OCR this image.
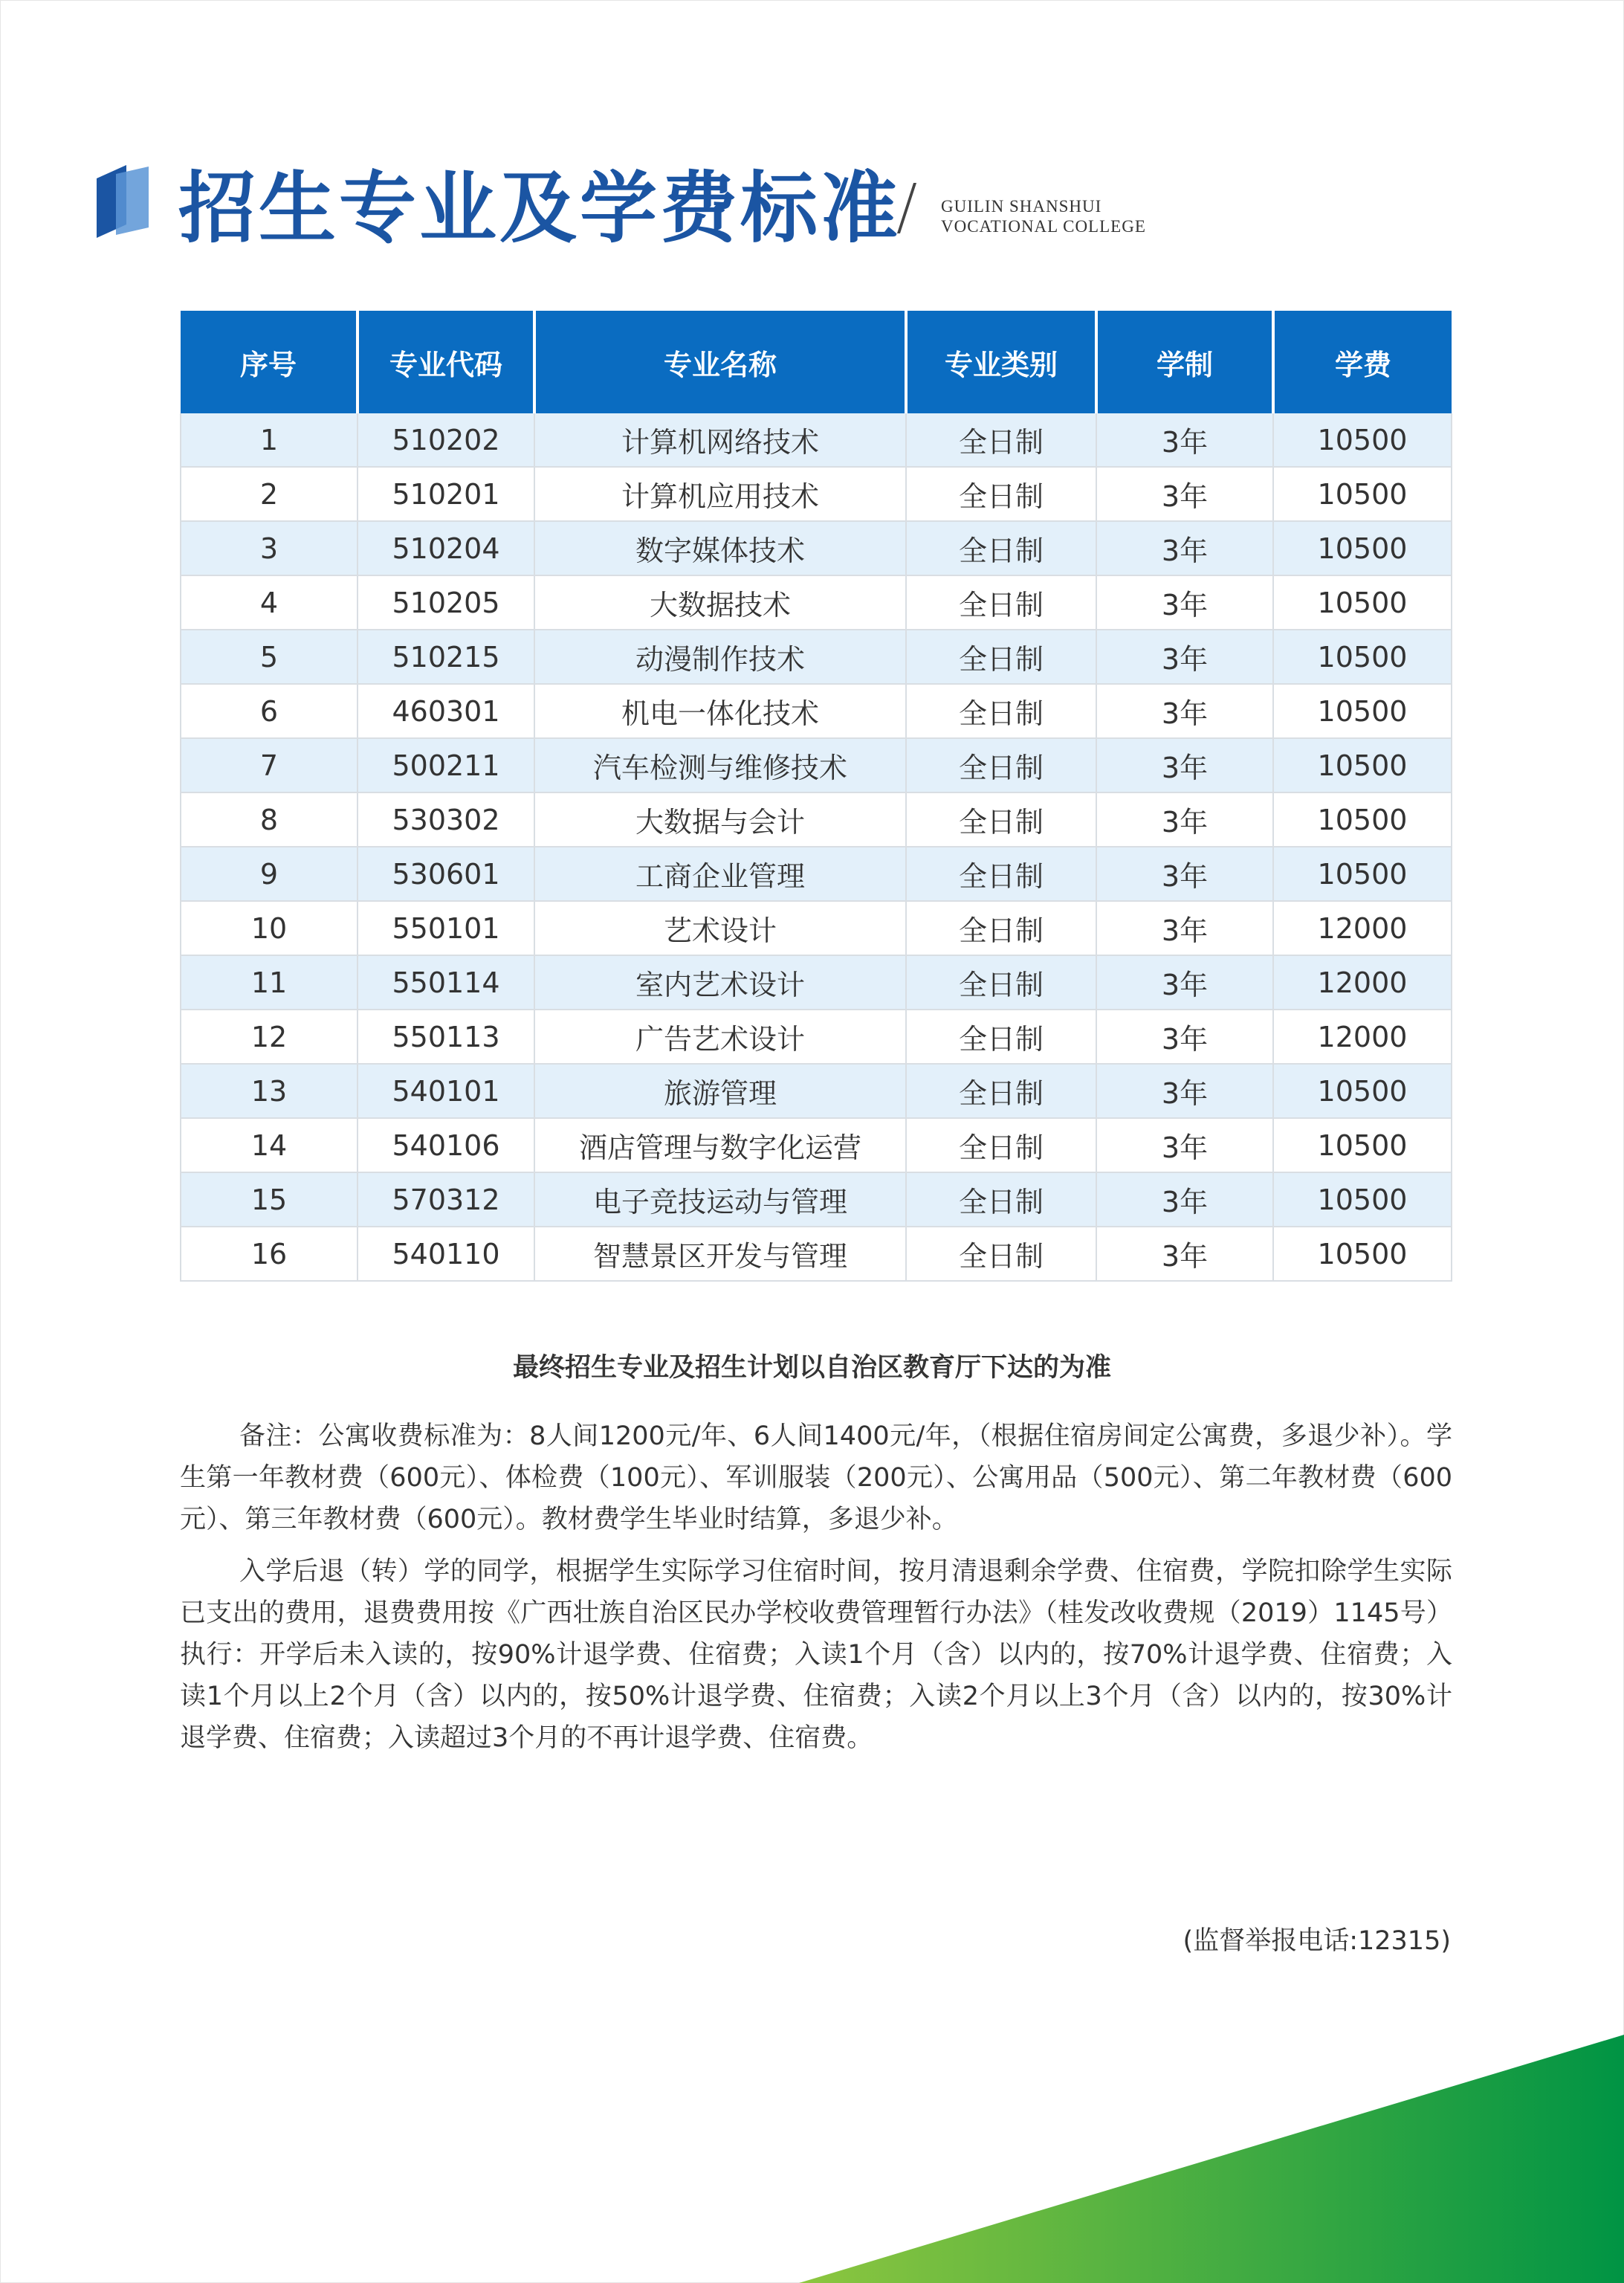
招生专业及学费标准 GUILIN SHANSHUI
VOCATIONAL COLLEGE
序号	专业代码	专业名称	专业类别	学制	学费
1	510202	计算机网络技术	全日制	3年	10500
2	510201	计算机应用技术	全日制	3年	10500
3	510204	数字媒体技术	全日制	3年	10500
4	510205	大数据技术	全日制	3年	10500
5	510215	动漫制作技术	全日制	3年	10500
6	460301	机电一体化技术	全日制	3年	10500
7	500211	汽车检测与维修技术	全日制	3年	10500
8	530302	大数据与会计	全日制	3年	10500
9	530601	工商企业管理	全日制	3年	10500
10	550101	艺术设计	全日制	3年	12000
11	550114	室内艺术设计	全日制	3年	12000
12	550113	广告艺术设计	全日制	3年	12000
13	540101	旅游管理	全日制	3年	10500
14	540106	酒店管理与数字化运营	全日制	3年	10500
15	570312	电子竞技运动与管理	全日制	3年	10500
16	540110	智慧景区开发与管理	全日制	3年	10500
最终招生专业及招生计划以自治区教育厅下达的为准

备注：公寓收费标准为：8人间1200元/年、6人间1400元/年，（根据住宿房间定公寓费，多退少补）。学生第一年教材费（600元）、体检费（100元）、军训服装（200元）、公寓用品（500元）、第二年教材费（600元）、第三年教材费（600元）。教材费学生毕业时结算，多退少补。

入学后退（转）学的同学，根据学生实际学习住宿时间，按月清退剩余学费、住宿费，学院扣除学生实际已支出的费用，退费费用按《广西壮族自治区民办学校收费管理暂行办法》（桂发改收费规（2019）1145号）执行：开学后未入读的，按90%计退学费、住宿费；入读1个月（含）以内的，按70%计退学费、住宿费；入读1个月以上2个月（含）以内的，按50%计退学费、住宿费；入读2个月以上3个月（含）以内的，按30%计退学费、住宿费；入读超过3个月的不再计退学费、住宿费。

(监督举报电话:12315)
